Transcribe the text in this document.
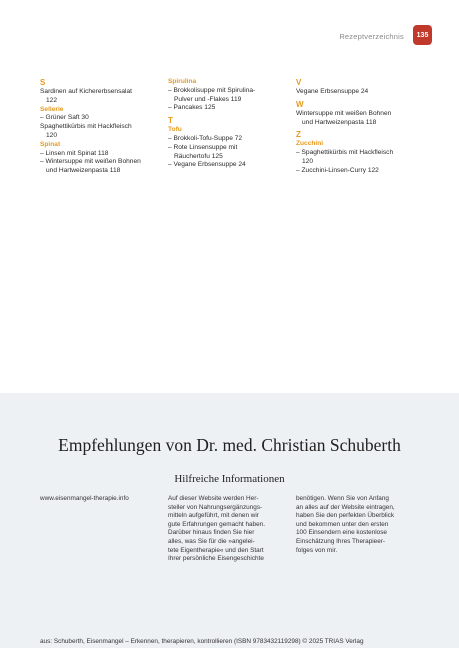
Rezeptverzeichnis	135
S
Sardinen auf Kichererbsensalat
122
Sellerie
– Grüner Saft 30
Spaghettikürbis mit Hackfleisch
120
Spinat
– Linsen mit Spinat 118
– Wintersuppe mit weißen Bohnen
und Hartweizenpasta 118
Spirulina
– Brokkolisuppe mit Spirulina-
Pulver und -Flakes 119
– Pancakes 125
T
Tofu
– Brokkoli-Tofu-Suppe 72
– Rote Linsensuppe mit
Räuchertofu 125
– Vegane Erbsensuppe 24
V
Vegane Erbsensuppe 24
W
Wintersuppe mit weißen Bohnen
und Hartweizenpasta 118
Z
Zucchini
– Spaghettikürbis mit Hackfleisch
120
– Zucchini-Linsen-Curry 122
Empfehlungen von Dr. med. Christian Schuberth
Hilfreiche Informationen
www.eisenmangel-therapie.info	Auf dieser Website werden Her-
steller von Nahrungsergänzungs-
mitteln aufgeführt, mit denen wir
gute Erfahrungen gemacht haben.
Darüber hinaus finden Sie hier
alles, was Sie für die »angelei-
tete Eigentherapie« und den Start
Ihrer persönliche Eisengeschichte
benötigen. Wenn Sie von Anfang
an alles auf der Website eintragen,
haben Sie den perfekten Überblick
und bekommen unter den ersten
100 Einsendern eine kostenlose
Einschätzung Ihres Therapieer-
folges von mir.
aus: Schuberth, Eisenmangel – Erkennen, therapieren, kontrollieren (ISBN 9783432119298) © 2025 TRIAS Verlag
